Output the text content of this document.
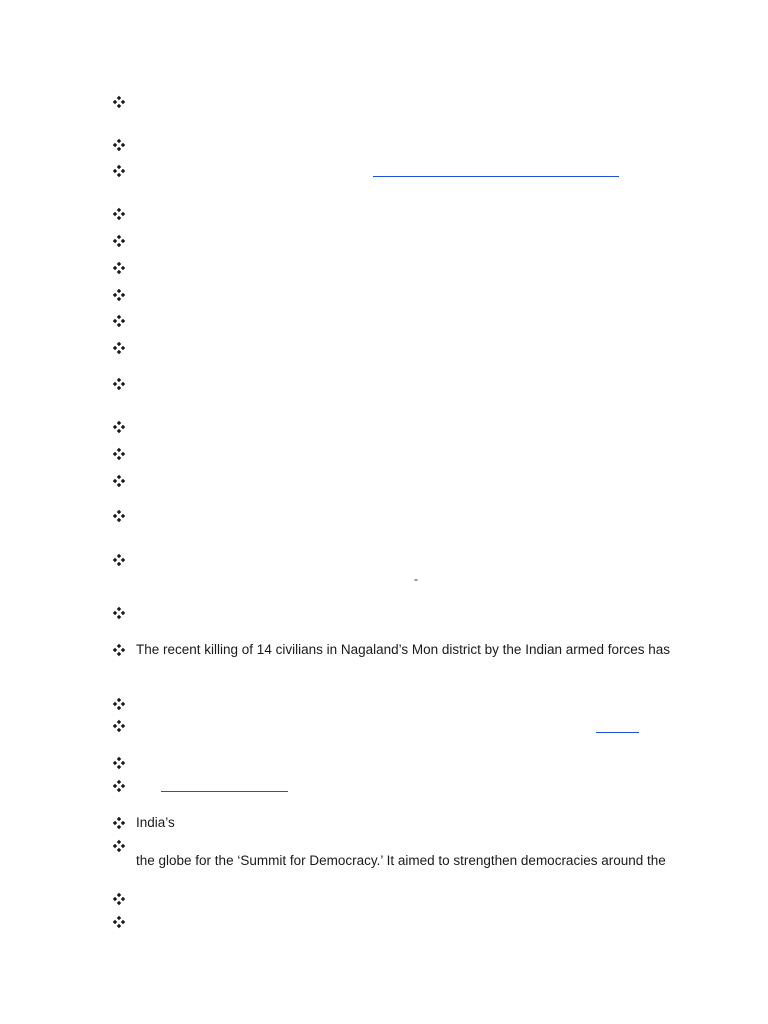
-
The recent killing of 14 civilians in Nagaland’s Mon district by the Indian armed forces has
India’s
the globe for the ‘Summit for Democracy.’ It aimed to strengthen democracies around the
